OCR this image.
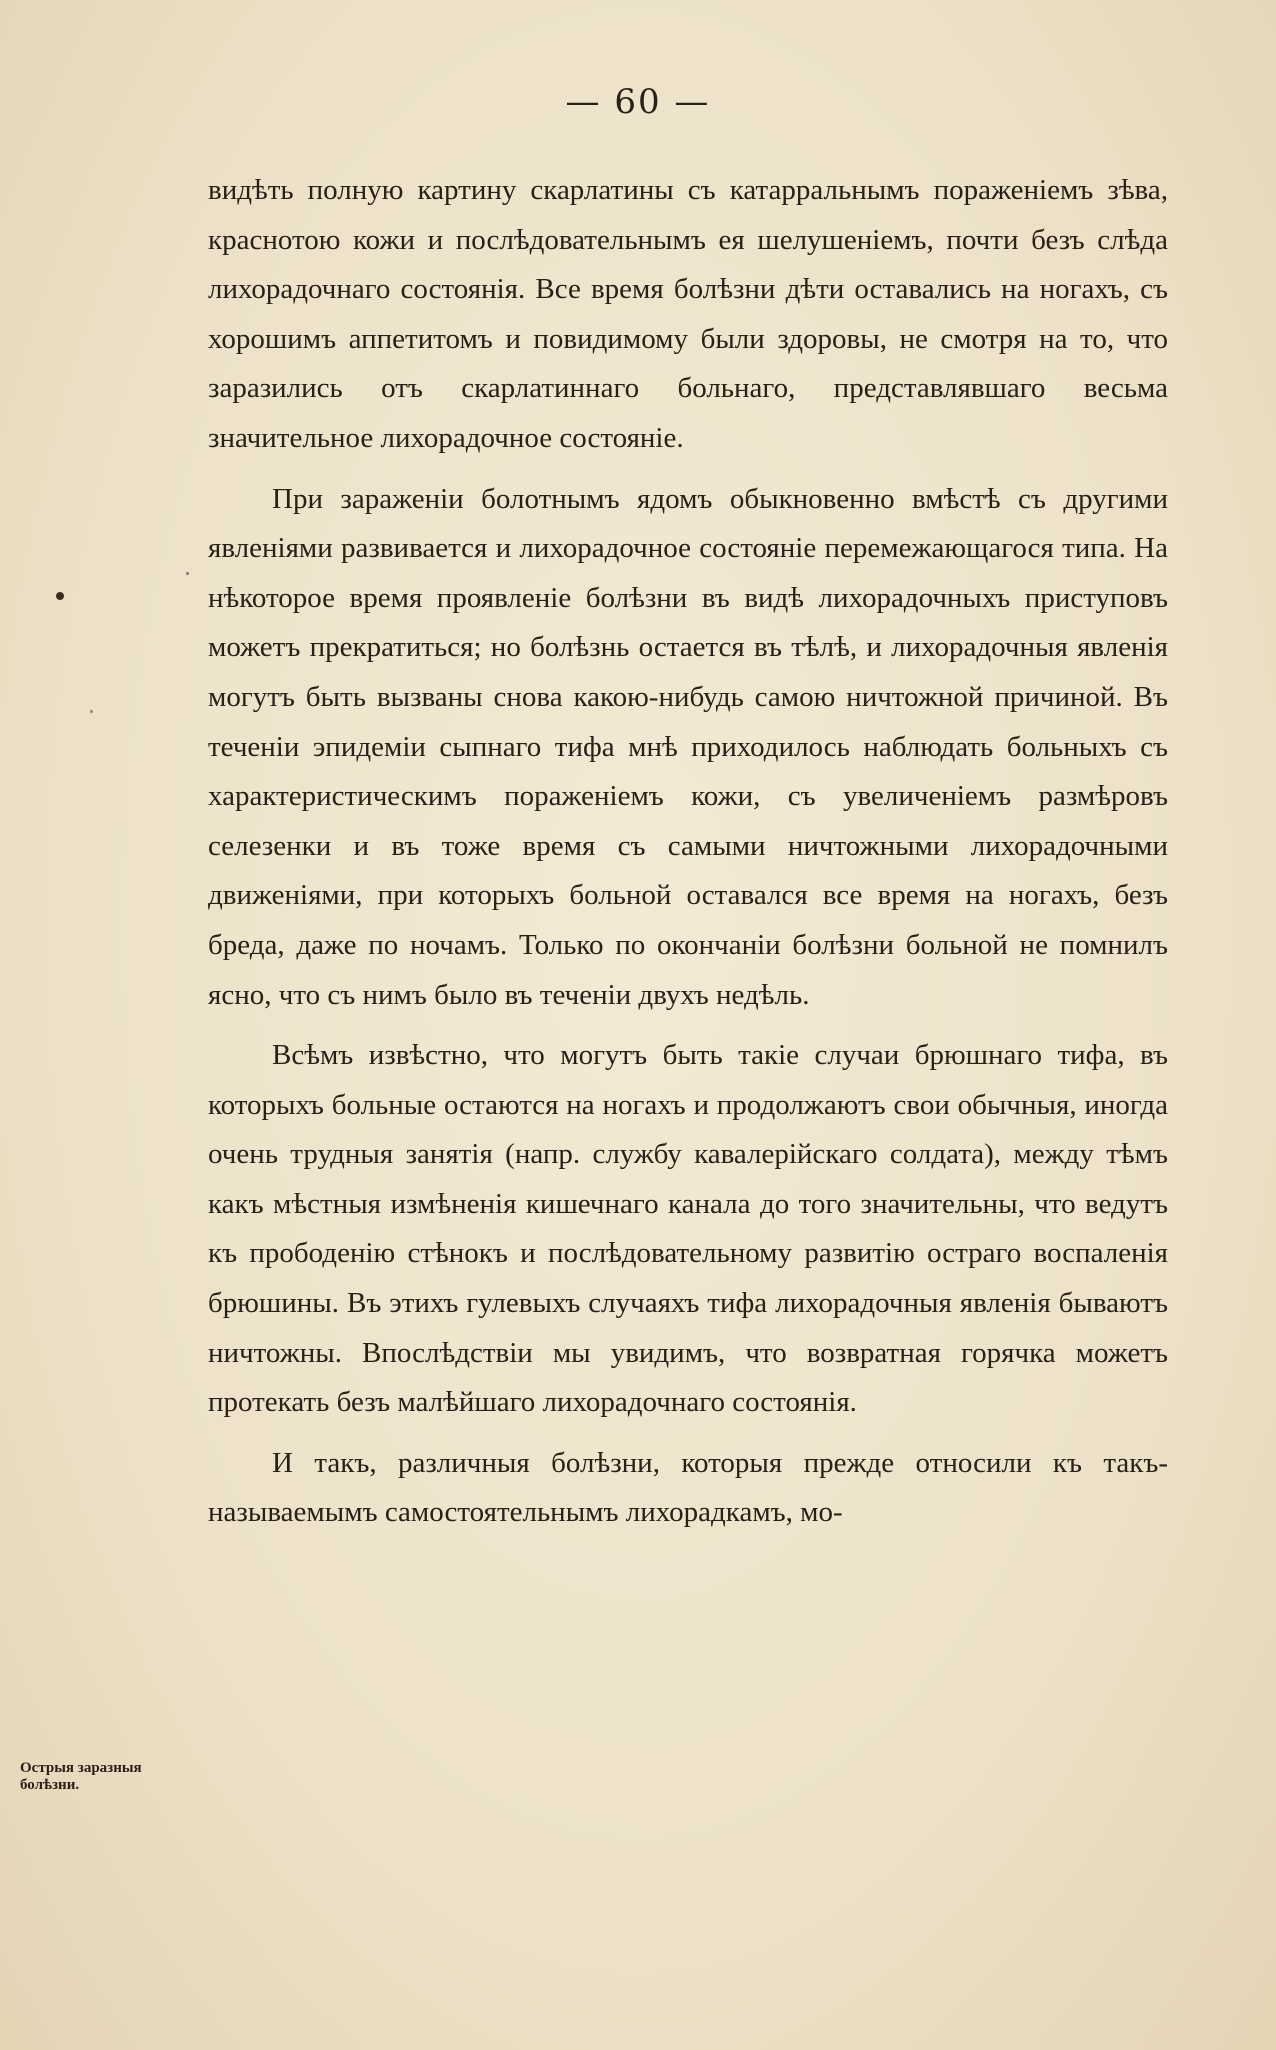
— 60 —

видѣть полную картину скарлатины съ катарральнымъ пораженіемъ зѣва, краснотою кожи и послѣдовательнымъ ея шелушеніемъ, почти безъ слѣда лихорадочнаго состоянія. Все время болѣзни дѣти оставались на ногахъ, съ хорошимъ аппетитомъ и повидимому были здоровы, не смотря на то, что заразились отъ скарлатиннаго больнаго, представлявшаго весьма значительное лихорадочное состояніе.

При зараженіи болотнымъ ядомъ обыкновенно вмѣстѣ съ другими явленіями развивается и лихорадочное состояніе перемежающагося типа. На нѣкоторое время проявленіе болѣзни въ видѣ лихорадочныхъ приступовъ можетъ прекратиться; но болѣзнь остается въ тѣлѣ, и лихорадочныя явленія могутъ быть вызваны снова какою-нибудь самою ничтожной причиной. Въ теченіи эпидеміи сыпнаго тифа мнѣ приходилось наблюдать больныхъ съ характеристическимъ пораженіемъ кожи, съ увеличеніемъ размѣровъ селезенки и въ тоже время съ самыми ничтожными лихорадочными движеніями, при которыхъ больной оставался все время на ногахъ, безъ бреда, даже по ночамъ. Только по окончаніи болѣзни больной не помнилъ ясно, что съ нимъ было въ теченіи двухъ недѣль.

Всѣмъ извѣстно, что могутъ быть такіе случаи брюшнаго тифа, въ которыхъ больные остаются на ногахъ и продолжаютъ свои обычныя, иногда очень трудныя занятія (напр. службу кавалерійскаго солдата), между тѣмъ какъ мѣстныя измѣненія кишечнаго канала до того значительны, что ведутъ къ прободенію стѣнокъ и послѣдовательному развитію остраго воспаленія брюшины. Въ этихъ гулевыхъ случаяхъ тифа лихорадочныя явленія бываютъ ничтожны. Впослѣдствіи мы увидимъ, что возвратная горячка можетъ протекать безъ малѣйшаго лихорадочнаго состоянія.

И такъ, различныя болѣзни, которыя прежде относили къ такъ-называемымъ самостоятельнымъ лихорадкамъ, мо-

Острыя заразныя болѣзни.
